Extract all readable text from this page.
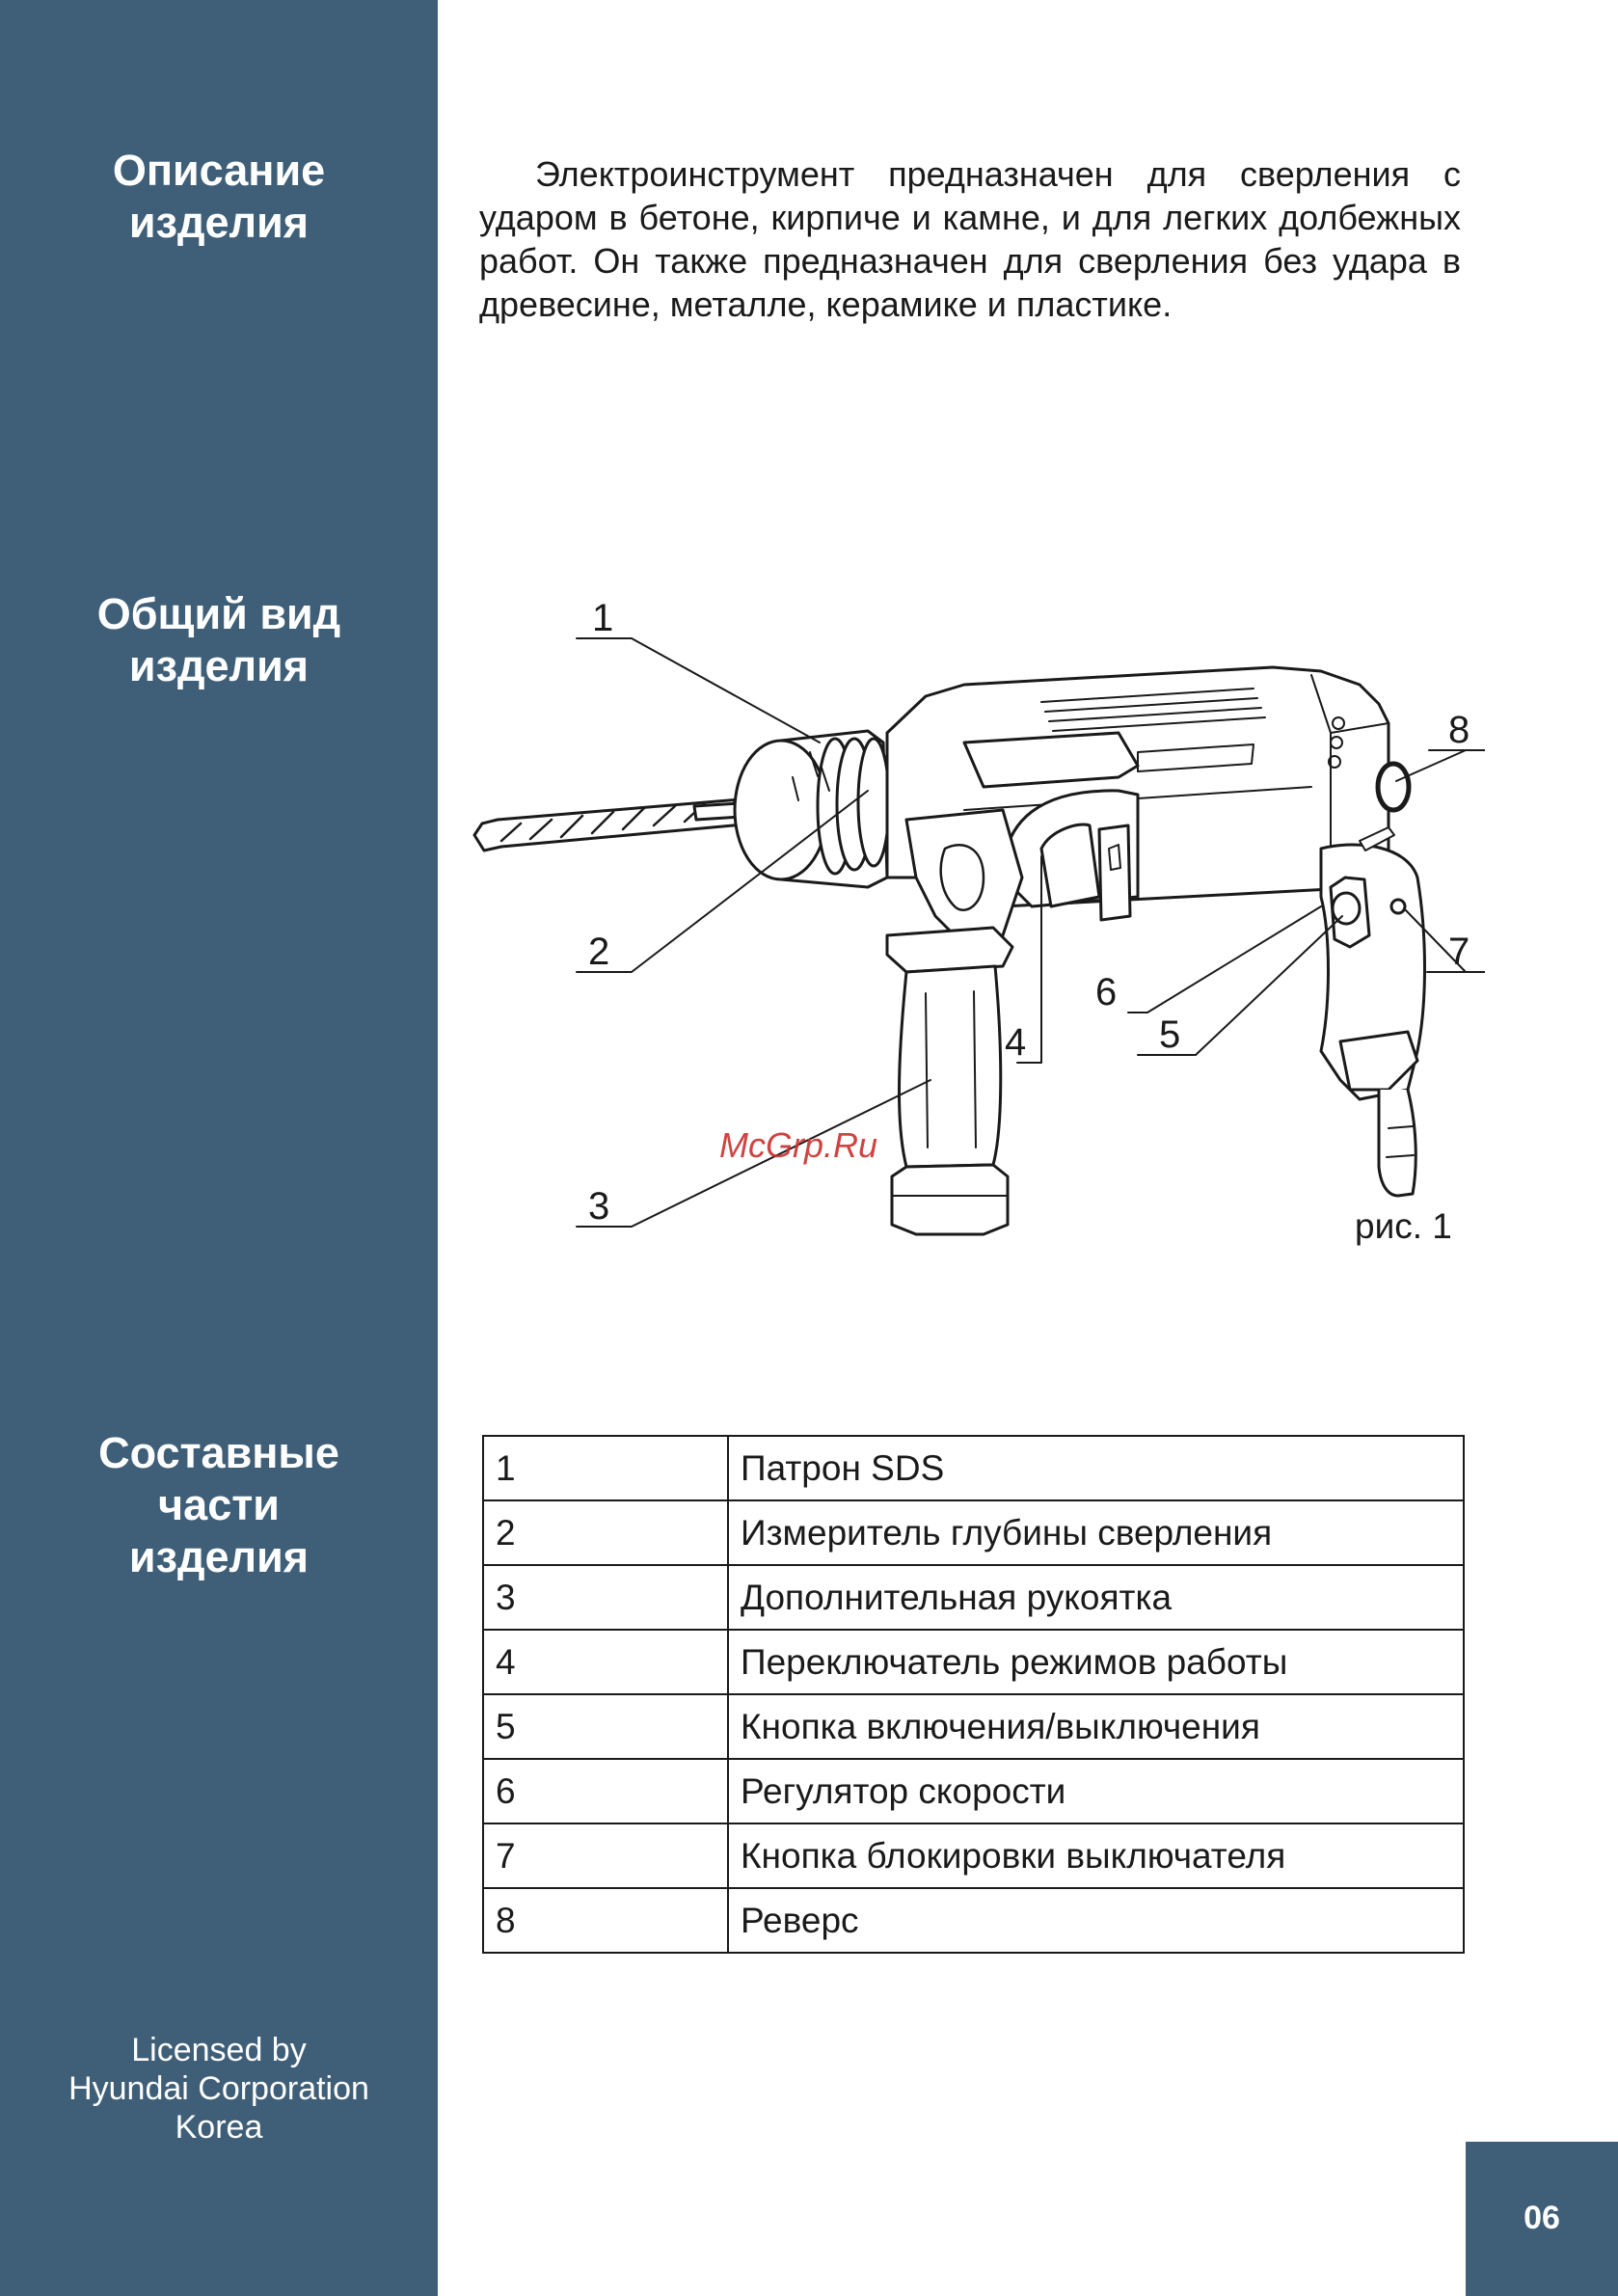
Описание
изделия
Общий вид
изделия
Составные
части
изделия
Licensed by
Hyundai Corporation
Korea

Электроинструмент предназначен для сверления с ударом в бетоне, кирпиче и камне, и для легких долбежных работ. Он также предназначен для сверления без удара в древесине, металле, керамике и пластике.

1
2
3
4	5
6
7
8
McGrp.Ru
рис. 1
1	Патрон SDS
2	Измеритель глубины сверления
3	Дополнительная рукоятка
4	Переключатель режимов работы
5	Кнопка включения/выключения
6	Регулятор скорости
7	Кнопка блокировки выключателя
8	Реверс
06
